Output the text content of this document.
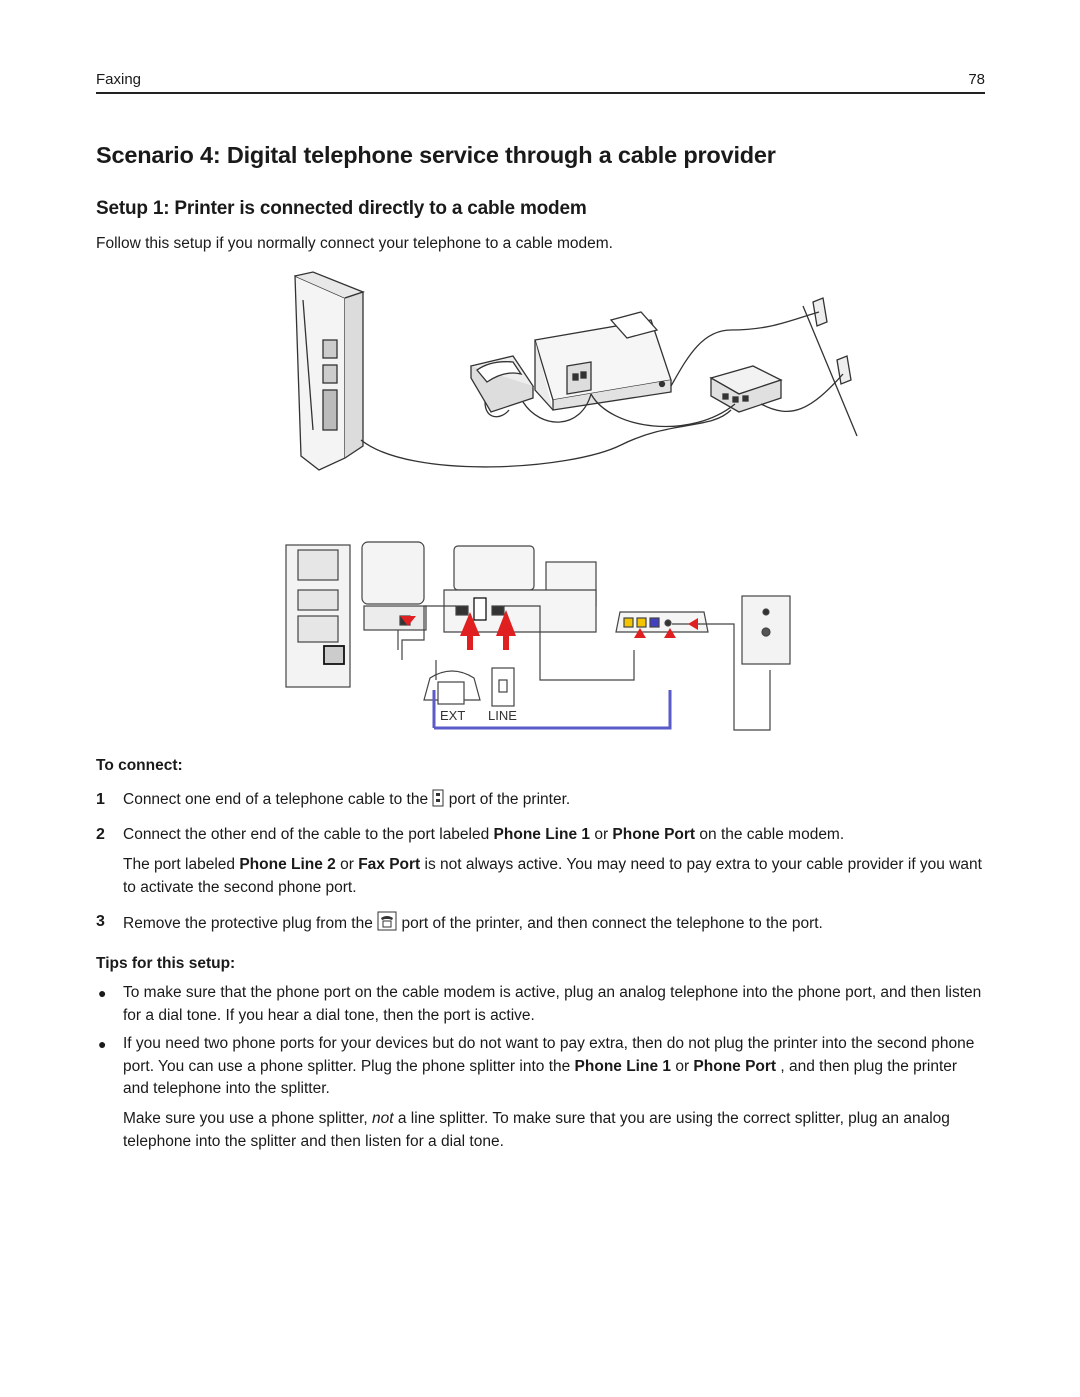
Faxing	78
Scenario 4: Digital telephone service through a cable provider
Setup 1: Printer is connected directly to a cable modem
Follow this setup if you normally connect your telephone to a cable modem.
EXT LINE
To connect:
1 Connect one end of a telephone cable to the port of the printer.
2 Connect the other end of the cable to the port labeled Phone Line 1 or Phone Port on the cable modem.
The port labeled Phone Line 2 or Fax Port is not always active. You may need to pay extra to your cable provider if you want to activate the second phone port.
3 Remove the protective plug from the port of the printer, and then connect the telephone to the port.
Tips for this setup:
● To make sure that the phone port on the cable modem is active, plug an analog telephone into the phone port, and then listen for a dial tone. If you hear a dial tone, then the port is active.
● If you need two phone ports for your devices but do not want to pay extra, then do not plug the printer into the second phone port. You can use a phone splitter. Plug the phone splitter into the Phone Line 1 or Phone Port , and then plug the printer and telephone into the splitter.
Make sure you use a phone splitter, not a line splitter. To make sure that you are using the correct splitter, plug an analog telephone into the splitter and then listen for a dial tone.
